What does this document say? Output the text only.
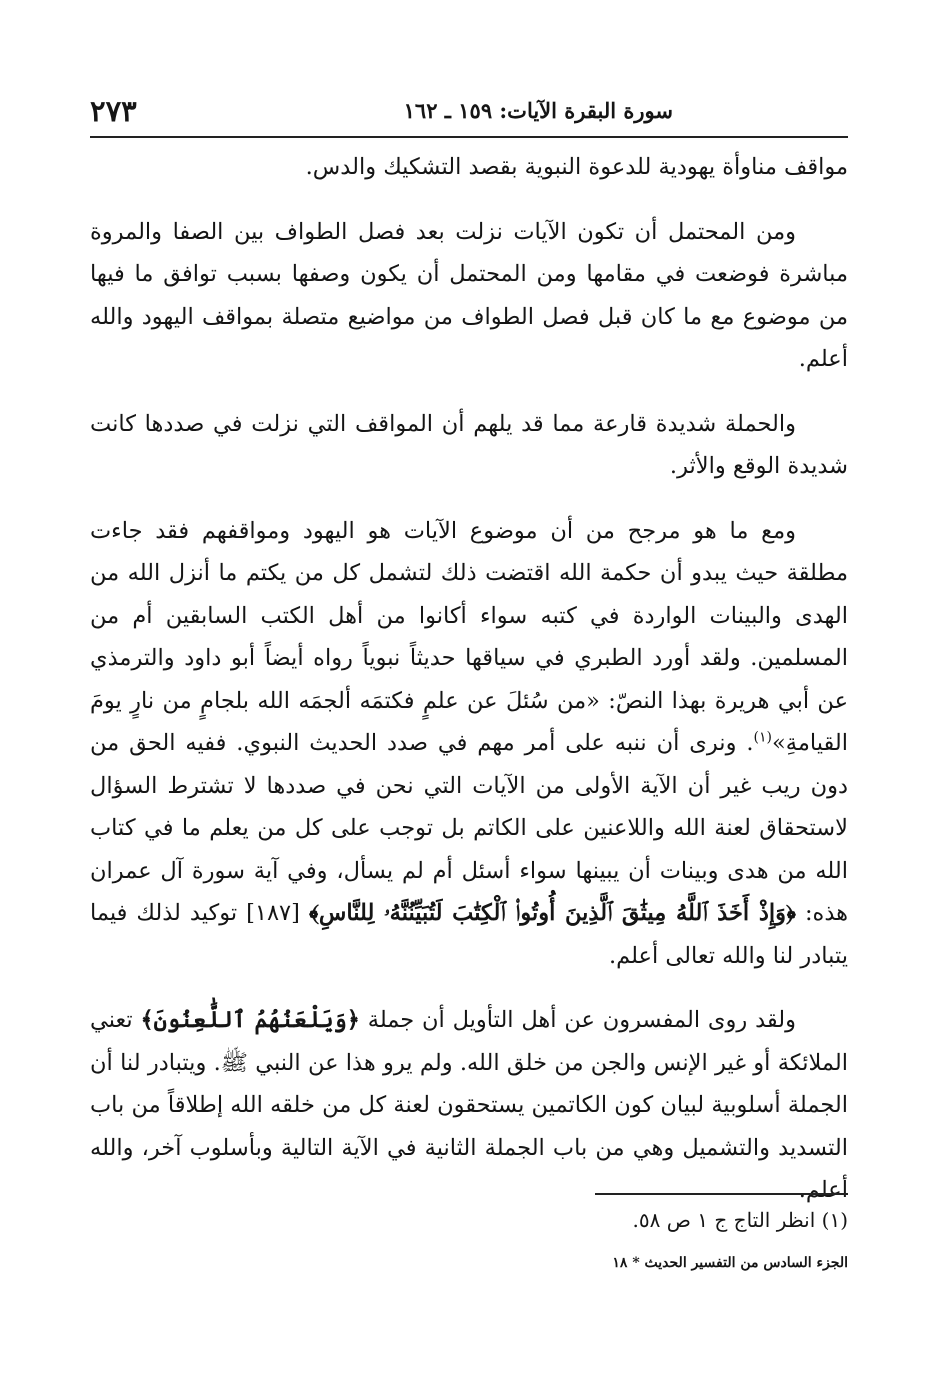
٢٧٣	سورة البقرة الآيات: ١٥٩ ـ ١٦٢

مواقف مناوأة يهودية للدعوة النبوية بقصد التشكيك والدس.

ومن المحتمل أن تكون الآيات نزلت بعد فصل الطواف بين الصفا والمروة مباشرة فوضعت في مقامها ومن المحتمل أن يكون وصفها بسبب توافق ما فيها من موضوع مع ما كان قبل فصل الطواف من مواضيع متصلة بمواقف اليهود والله أعلم.

والحملة شديدة قارعة مما قد يلهم أن المواقف التي نزلت في صددها كانت شديدة الوقع والأثر.

ومع ما هو مرجح من أن موضوع الآيات هو اليهود ومواقفهم فقد جاءت مطلقة حيث يبدو أن حكمة الله اقتضت ذلك لتشمل كل من يكتم ما أنزل الله من الهدى والبينات الواردة في كتبه سواء أكانوا من أهل الكتب السابقين أم من المسلمين. ولقد أورد الطبري في سياقها حديثاً نبوياً رواه أيضاً أبو داود والترمذي عن أبي هريرة بهذا النصّ: «من سُئلَ عن علمٍ فكتمَه ألجمَه الله بلجامٍ من نارٍ يومَ القيامةِ»$^{(١)}$. ونرى أن ننبه على أمر مهم في صدد الحديث النبوي. ففيه الحق من دون ريب غير أن الآية الأولى من الآيات التي نحن في صددها لا تشترط السؤال لاستحقاق لعنة الله واللاعنين على الكاتم بل توجب على كل من يعلم ما في كتاب الله من هدى وبينات أن يبينها سواء أسئل أم لم يسأل، وفي آية سورة آل عمران هذه: ﴿وَإِذْ أَخَذَ ٱللَّهُ مِيثَٰقَ ٱلَّذِينَ أُوتُوا۟ ٱلْكِتَٰبَ لَتُبَيِّنُنَّهُۥ لِلنَّاسِ﴾ [١٨٧] توكيد لذلك فيما يتبادر لنا والله تعالى أعلم.

ولقد روى المفسرون عن أهل التأويل أن جملة ﴿وَيَلْعَنُهُمُ ٱللَّٰعِنُونَ﴾ تعني الملائكة أو غير الإنس والجن من خلق الله. ولم يرو هذا عن النبي ﷺ. ويتبادر لنا أن الجملة أسلوبية لبيان كون الكاتمين يستحقون لعنة كل من خلقه الله إطلاقاً من باب التسديد والتشميل وهي من باب الجملة الثانية في الآية التالية وبأسلوب آخر، والله أعلم.

(١) انظر التاج ج ١ ص ٥٨.
الجزء السادس من التفسير الحديث * ١٨
